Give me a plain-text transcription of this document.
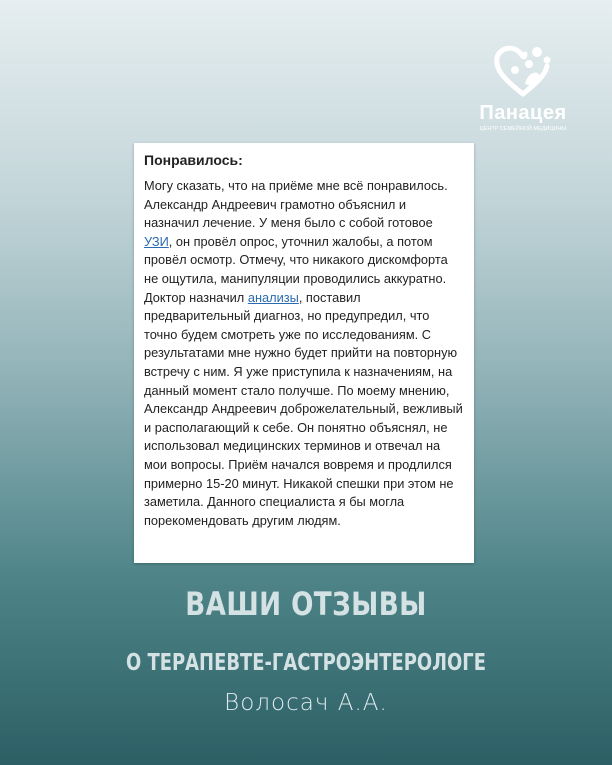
Панацея
ЦЕНТР СЕМЕЙНОЙ МЕДИЦИНЫ

Понравилось:

Могу сказать, что на приёме мне всё понравилось. Александр Андреевич грамотно объяснил и назначил лечение. У меня было с собой готовое УЗИ, он провёл опрос, уточнил жалобы, а потом провёл осмотр. Отмечу, что никакого дискомфорта не ощутила, манипуляции проводились аккуратно. Доктор назначил анализы, поставил предварительный диагноз, но предупредил, что точно будем смотреть уже по исследованиям. С результатами мне нужно будет прийти на повторную встречу с ним. Я уже приступила к назначениям, на данный момент стало получше. По моему мнению, Александр Андреевич доброжелательный, вежливый и располагающий к себе. Он понятно объяснял, не использовал медицинских терминов и отвечал на мои вопросы. Приём начался вовремя и продлился примерно 15-20 минут. Никакой спешки при этом не заметила. Данного специалиста я бы могла порекомендовать другим людям.

ВАШИ ОТЗЫВЫ
О ТЕРАПЕВТЕ-ГАСТРОЭНТЕРОЛОГЕ
Волосач А.А.
